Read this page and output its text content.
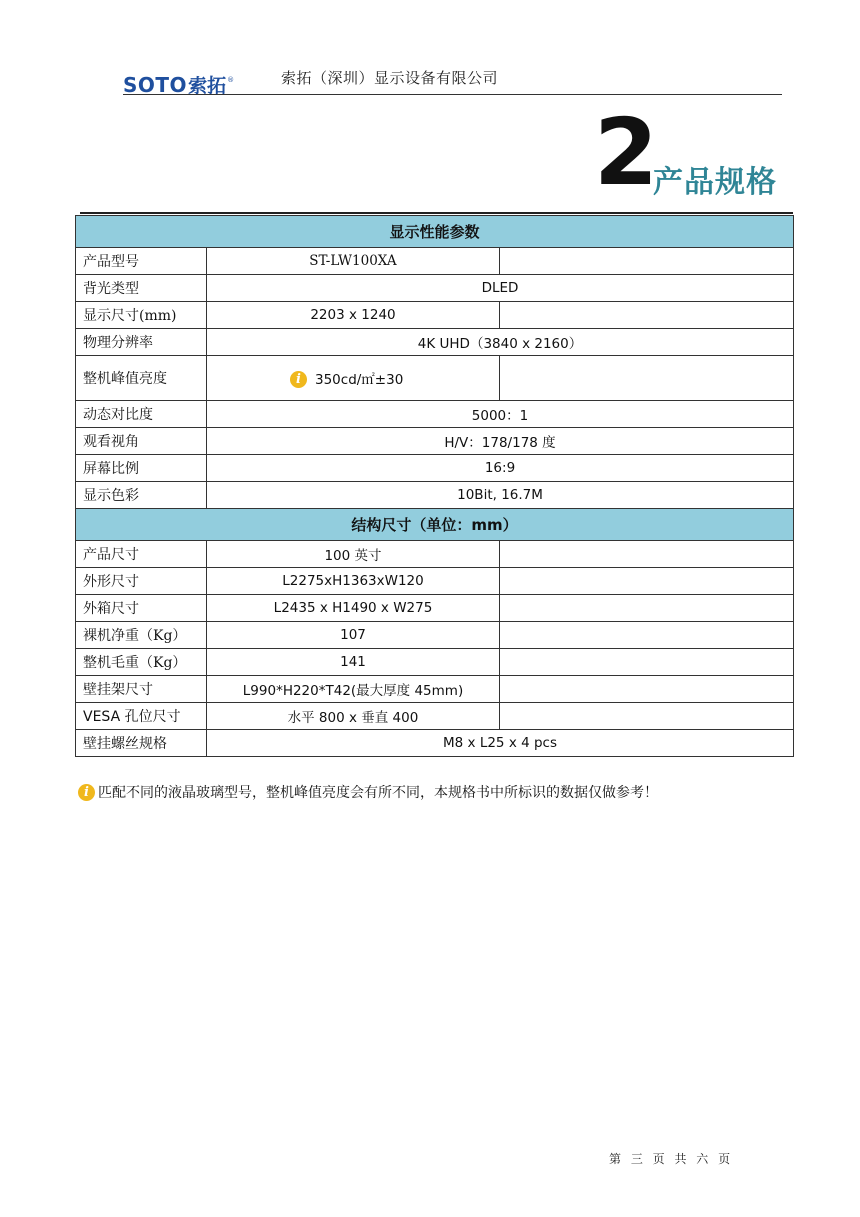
SOTO 索拓 ®	索拓（深圳）显示设备有限公司
2
产品规格
显示性能参数		
产品型号	ST-LW100XA	
背光类型	DLED	
显示尺寸(mm)	2203 x 1240	
物理分辨率	4K UHD（3840 x 2160）	
整机峰值亮度	i 350cd/㎡±30	
动态对比度	5000：1	
观看视角	H/V：178/178 度	
屏幕比例	16:9	
显示色彩	10Bit, 16.7M	
结构尺寸（单位：mm）		
产品尺寸	100 英寸	
外形尺寸	L2275xH1363xW120	
外箱尺寸	L2435 x H1490 x W275	
裸机净重（Kg）	107	
整机毛重（Kg）	141	
壁挂架尺寸	L990*H220*T42(最大厚度 45mm)	
VESA 孔位尺寸	水平 800 x 垂直 400	
壁挂螺丝规格	M8 x L25 x 4 pcs	
i 匹配不同的液晶玻璃型号，整机峰值亮度会有所不同，本规格书中所标识的数据仅做参考！
第 三 页 共 六 页
